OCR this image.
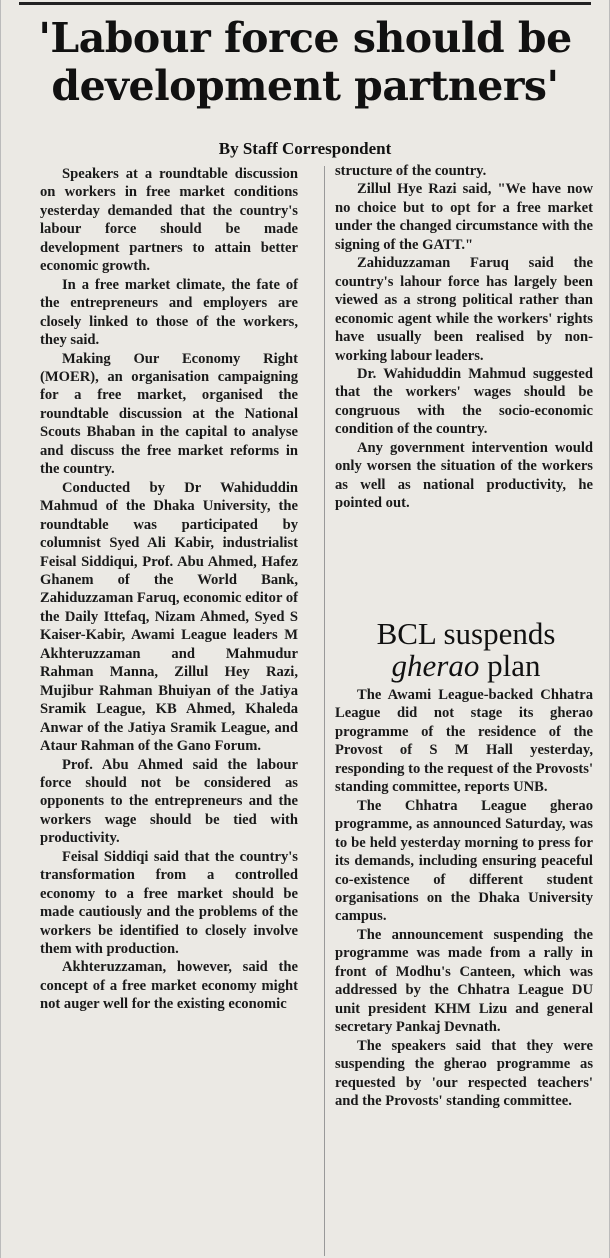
'Labour force should be
development partners'
By Staff Correspondent

Speakers at a roundtable discussion on workers in free market conditions yesterday demanded that the country's labour force should be made development partners to attain better economic growth.

In a free market climate, the fate of the entrepreneurs and employers are closely linked to those of the workers, they said.

Making Our Economy Right (MOER), an organisation campaigning for a free market, organised the roundtable discussion at the National Scouts Bhaban in the capital to analyse and discuss the free market reforms in the country.

Conducted by Dr Wahiduddin Mahmud of the Dhaka University, the roundtable was participated by columnist Syed Ali Kabir, industrialist Feisal Siddiqui, Prof. Abu Ahmed, Hafez Ghanem of the World Bank, Zahiduzzaman Faruq, economic editor of the Daily Ittefaq, Nizam Ahmed, Syed S Kaiser-Kabir, Awami League leaders M Akhteruzzaman and Mahmudur Rahman Manna, Zillul Hey Razi, Mujibur Rahman Bhuiyan of the Jatiya Sramik League, KB Ahmed, Khaleda Anwar of the Jatiya Sramik League, and Ataur Rahman of the Gano Forum.

Prof. Abu Ahmed said the labour force should not be considered as opponents to the entrepreneurs and the workers wage should be tied with productivity.

Feisal Siddiqi said that the country's transformation from a controlled economy to a free market should be made cautiously and the problems of the workers be identified to closely involve them with production.

Akhteruzzaman, however, said the concept of a free market economy might not auger well for the existing economic

structure of the country.

Zillul Hye Razi said, "We have now no choice but to opt for a free market under the changed circumstance with the signing of the GATT."

Zahiduzzaman Faruq said the country's lahour force has largely been viewed as a strong political rather than economic agent while the workers' rights have usually been realised by non-working labour leaders.

Dr. Wahiduddin Mahmud suggested that the workers' wages should be congruous with the socio-economic condition of the country.

Any government intervention would only worsen the situation of the workers as well as national productivity, he pointed out.

BCL suspends
gherao plan

The Awami League-backed Chhatra League did not stage its gherao programme of the residence of the Provost of S M Hall yesterday, responding to the request of the Provosts' standing committee, reports UNB.

The Chhatra League gherao programme, as announced Saturday, was to be held yesterday morning to press for its demands, including ensuring peaceful co-existence of different student organisations on the Dhaka University campus.

The announcement suspending the programme was made from a rally in front of Modhu's Canteen, which was addressed by the Chhatra League DU unit president KHM Lizu and general secretary Pankaj Devnath.

The speakers said that they were suspending the gherao programme as requested by 'our respected teachers' and the Provosts' standing committee.
